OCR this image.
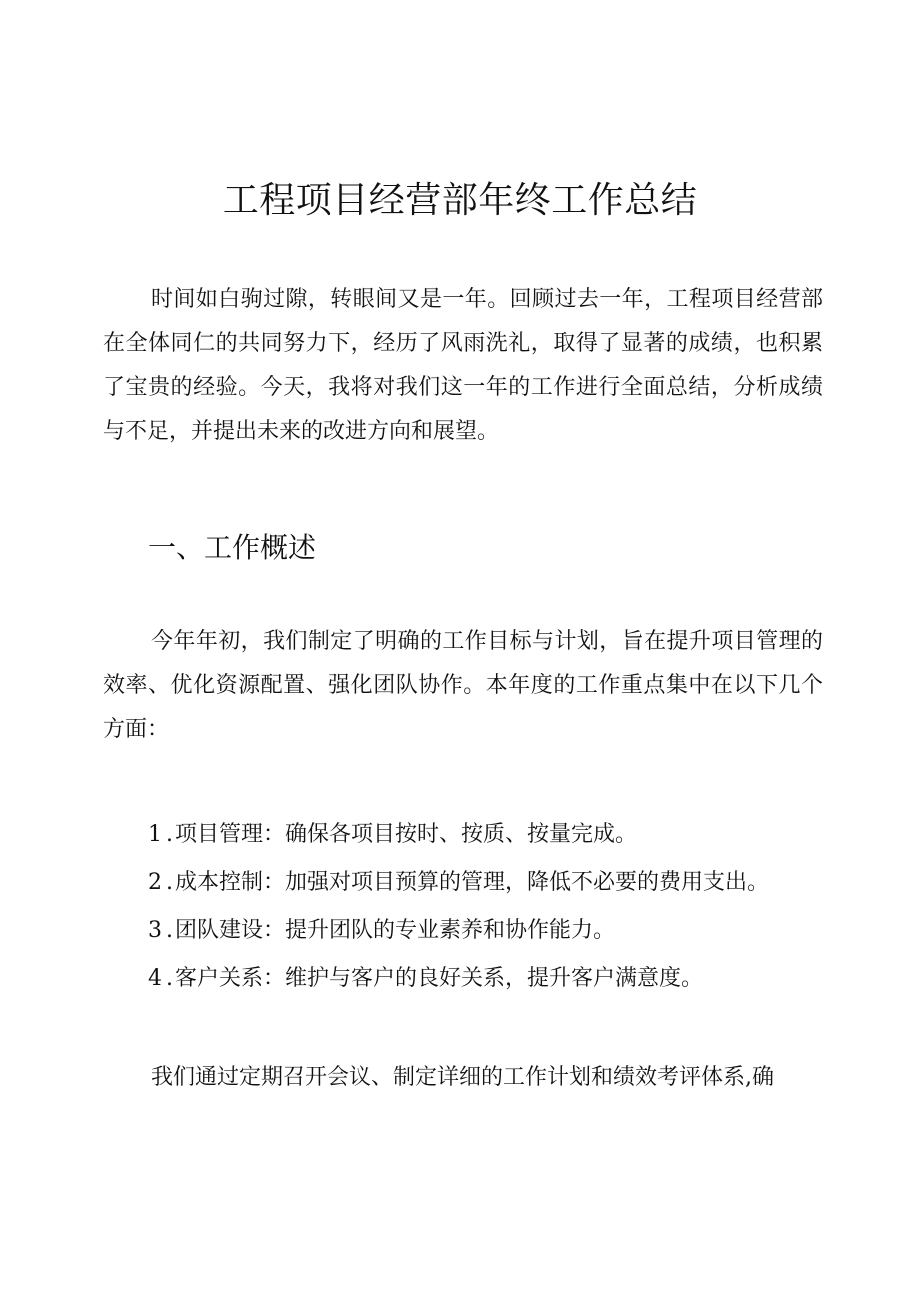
工程项目经营部年终工作总结

时间如白驹过隙，转眼间又是一年。回顾过去一年，工程项目经营部在全体同仁的共同努力下，经历了风雨洗礼，取得了显著的成绩，也积累了宝贵的经验。今天，我将对我们这一年的工作进行全面总结，分析成绩与不足，并提出未来的改进方向和展望。

一、工作概述

今年年初，我们制定了明确的工作目标与计划，旨在提升项目管理的效率、优化资源配置、强化团队协作。本年度的工作重点集中在以下几个方面：

1 .项目管理：确保各项目按时、按质、按量完成。
2 .成本控制：加强对项目预算的管理，降低不必要的费用支出。
3 .团队建设：提升团队的专业素养和协作能力。
4 .客户关系：维护与客户的良好关系，提升客户满意度。

我们通过定期召开会议、制定详细的工作计划和绩效考评体系,确
